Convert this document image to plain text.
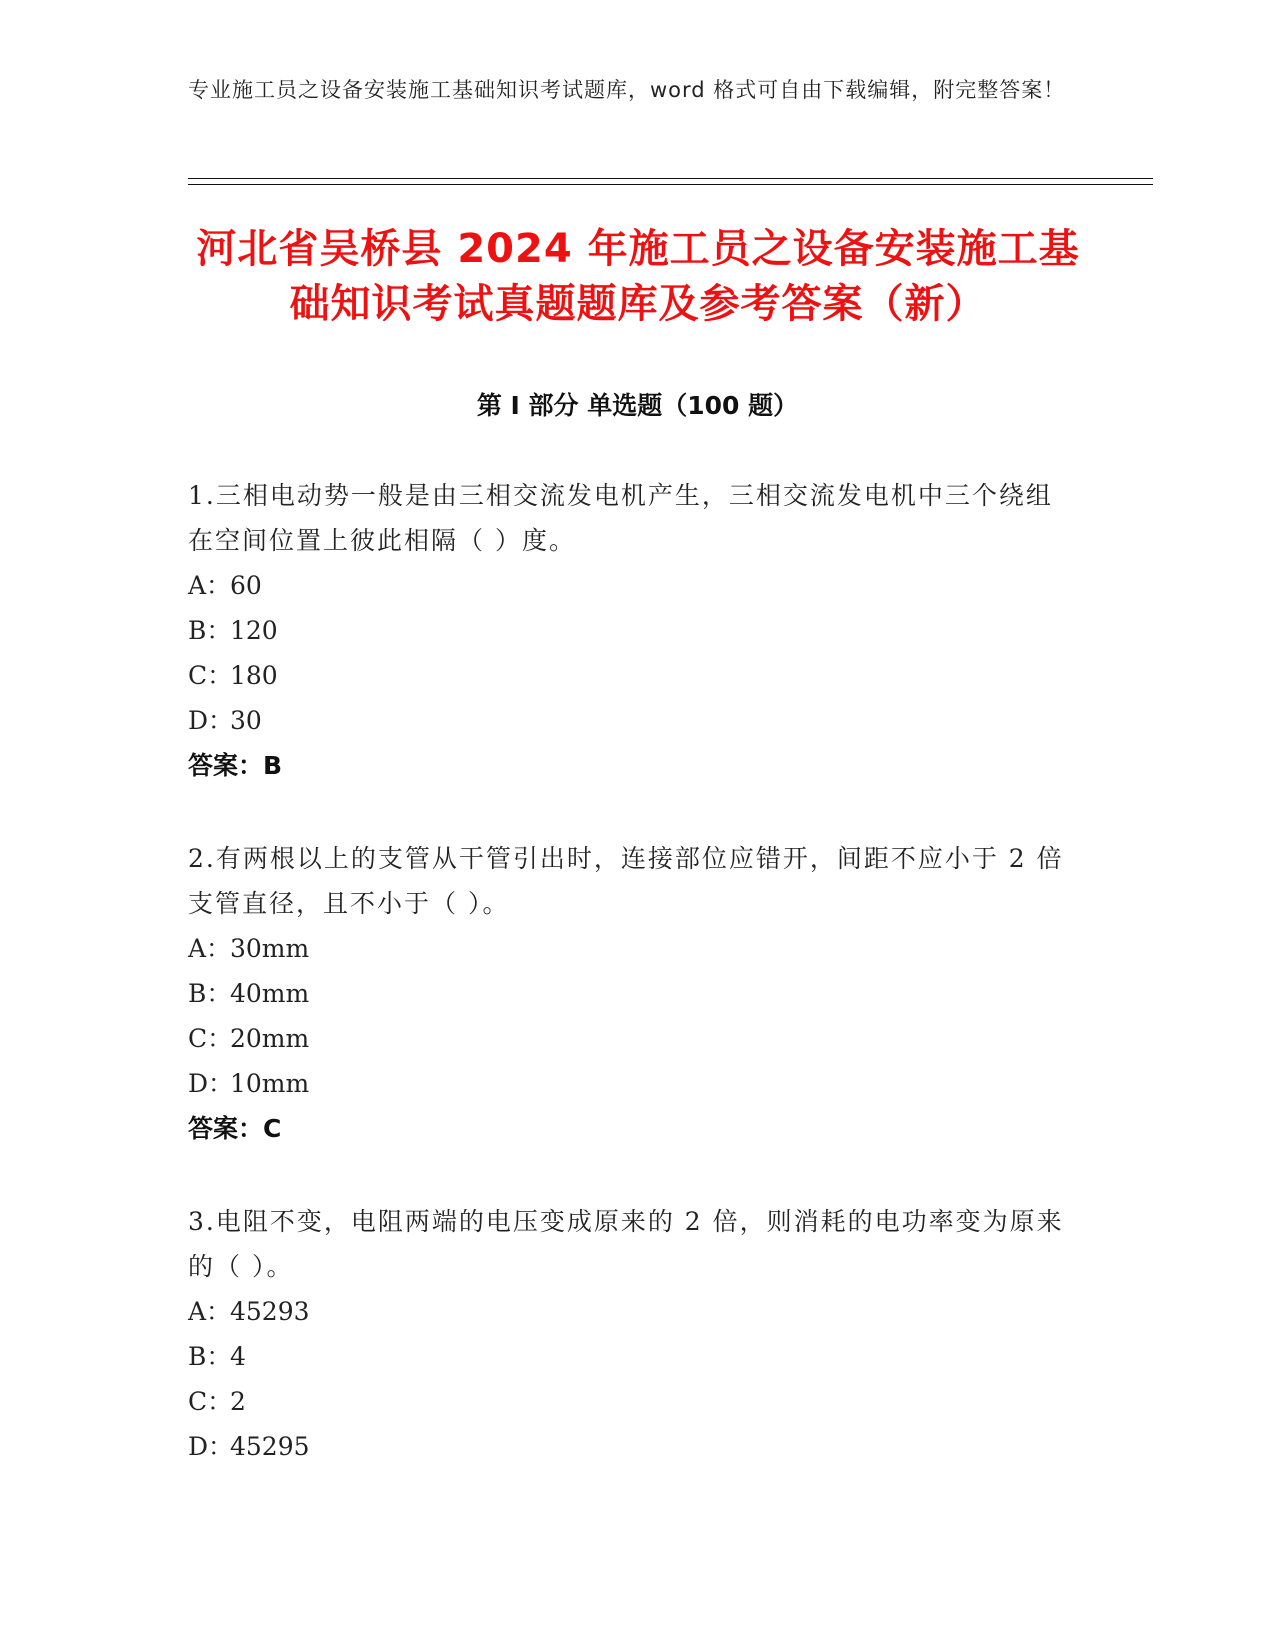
专业施工员之设备安装施工基础知识考试题库，word 格式可自由下载编辑，附完整答案！
河北省吴桥县 2024 年施工员之设备安装施工基础知识考试真题题库及参考答案（新）
第 I 部分 单选题（100 题）
1.三相电动势一般是由三相交流发电机产生，三相交流发电机中三个绕组在空间位置上彼此相隔（ ）度。
A：
60
B：
120
C：
180
D：
30
答案：B
2.有两根以上的支管从干管引出时，连接部位应错开，间距不应小于 2 倍支管直径，且不小于（ ）。
A：
30mm
B：
40mm
C：
20mm
D：
10mm
答案：C
3.电阻不变，电阻两端的电压变成原来的 2 倍，则消耗的电功率变为原来的（ ）。
A：
45293
B：
4
C：
2
D：
45295
